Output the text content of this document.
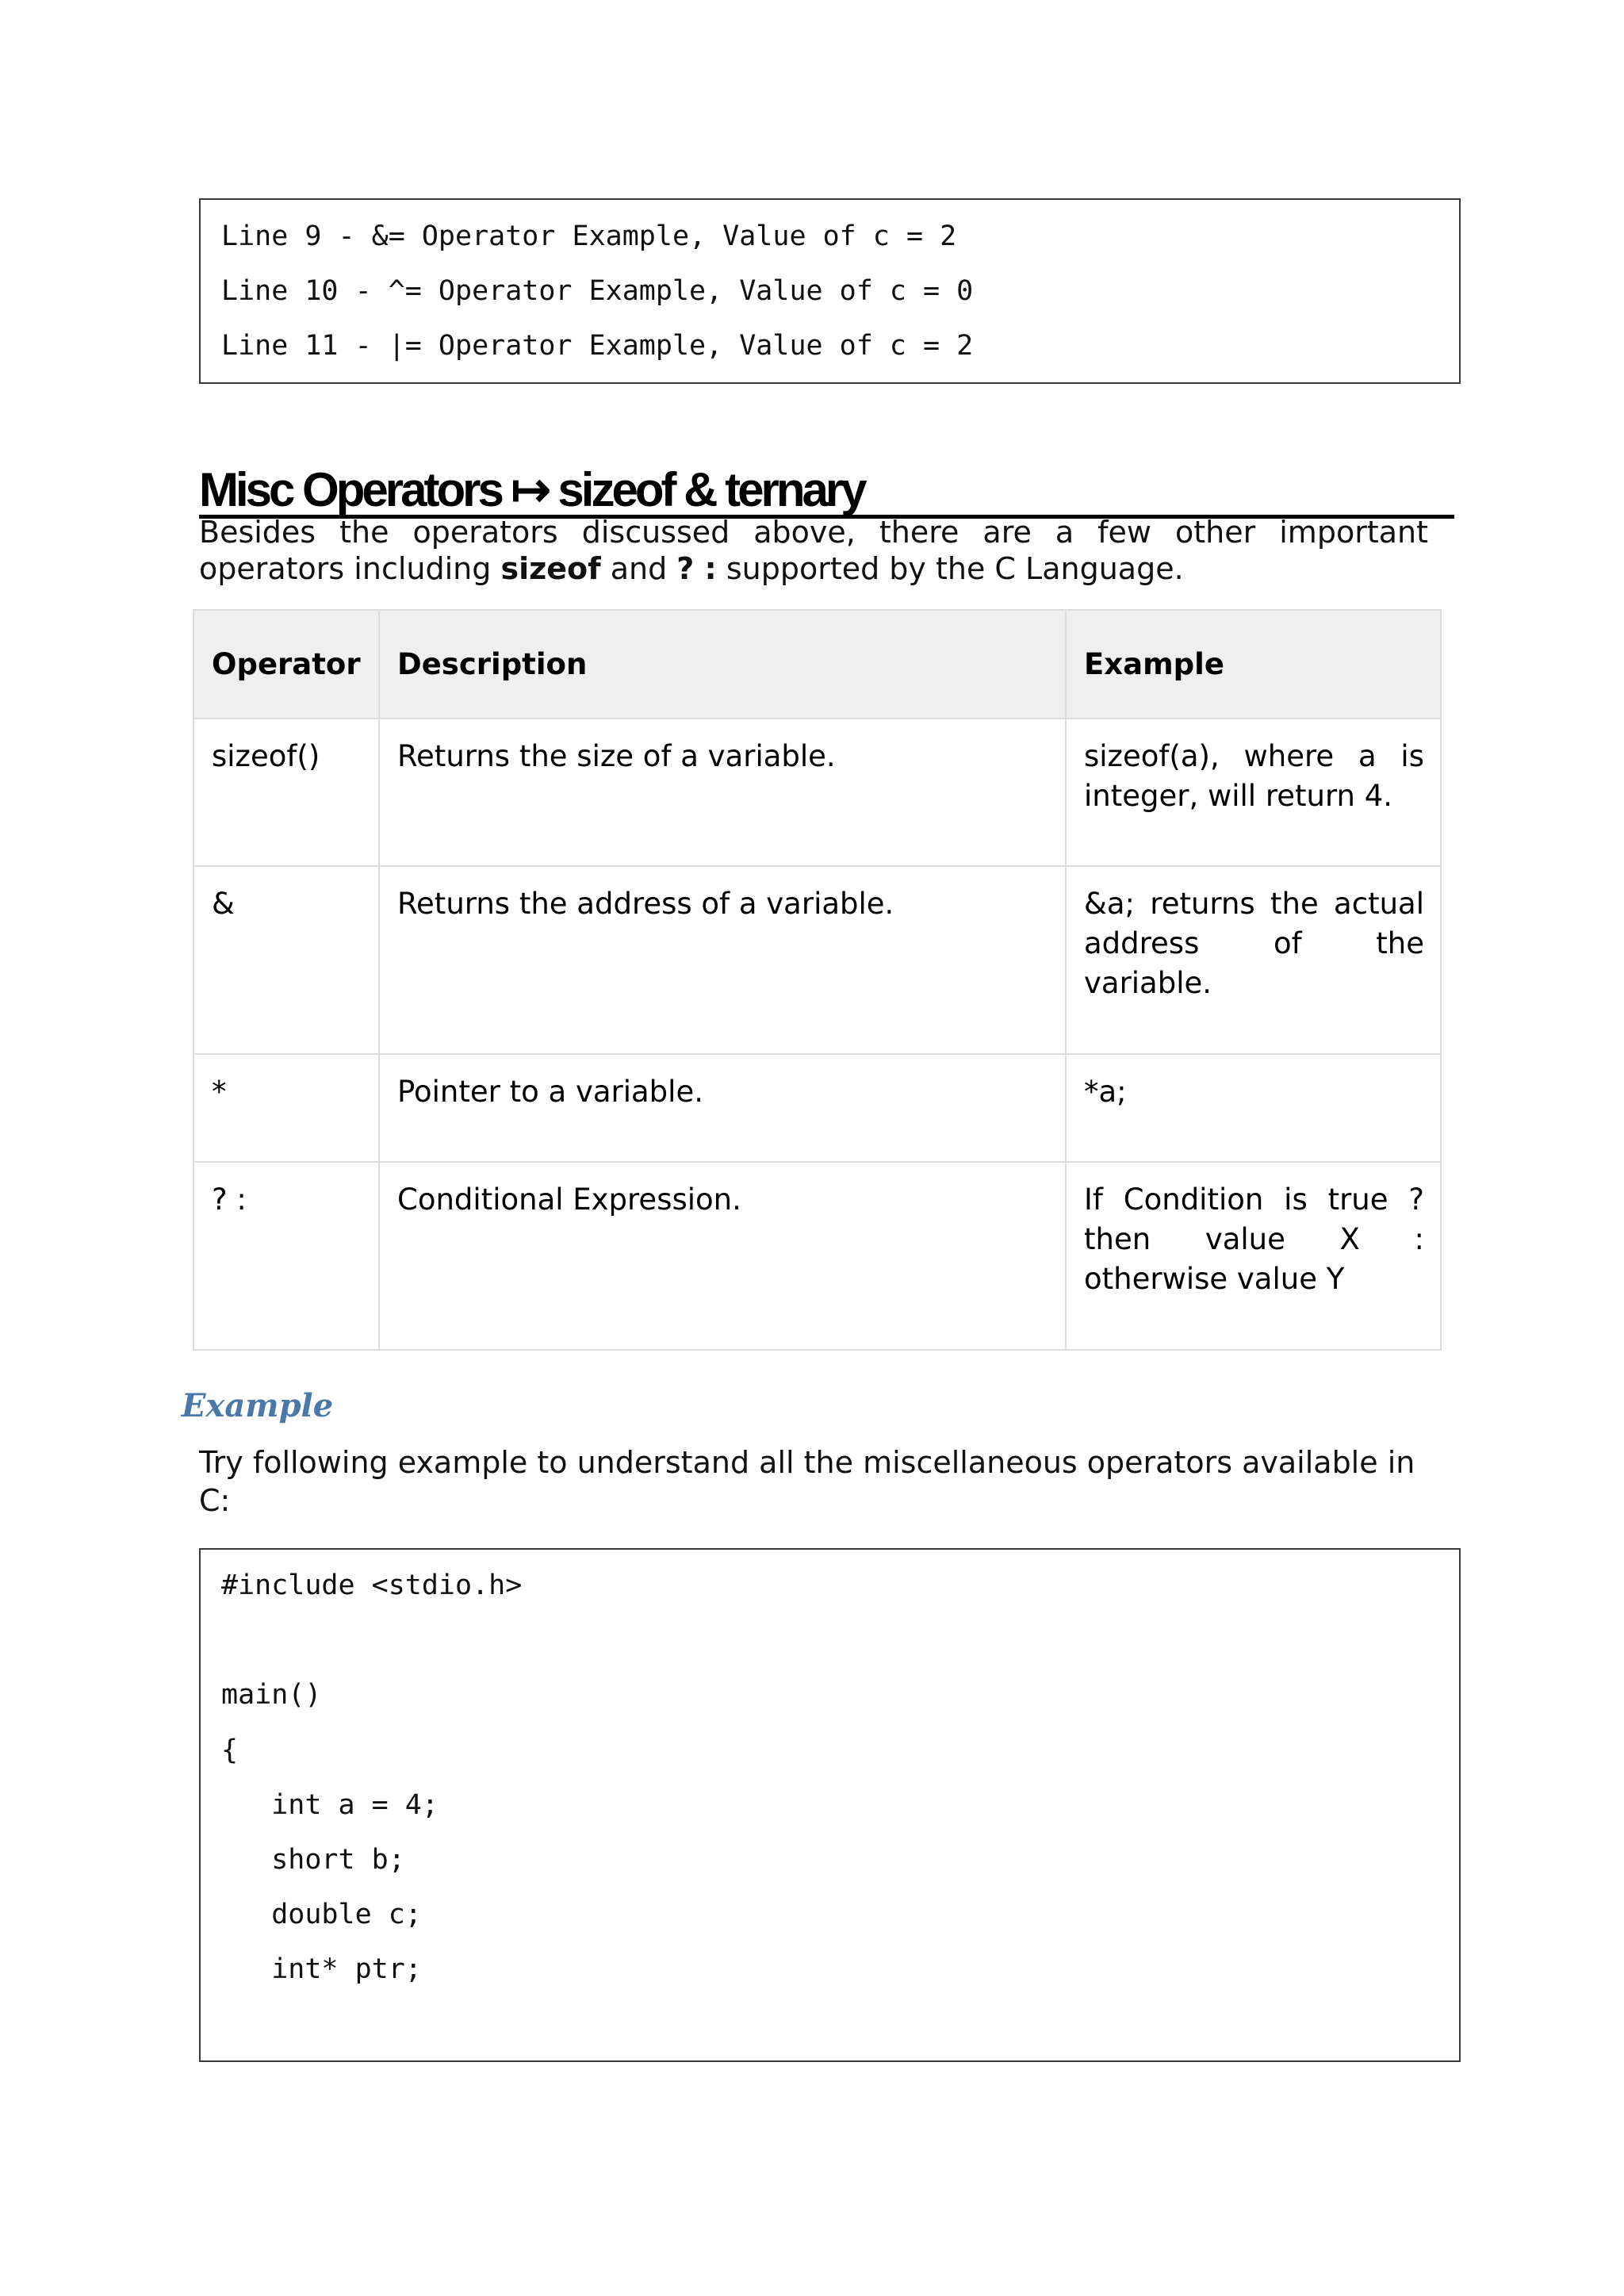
Line 9 - &= Operator Example, Value of c = 2
Line 10 - ^= Operator Example, Value of c = 0
Line 11 - |= Operator Example, Value of c = 2
Misc Operators ↦ sizeof & ternary
Besides the operators discussed above, there are a few other important operators including sizeof and ? : supported by the C Language.
Operator	Description	Example
sizeof()	Returns the size of a variable.	sizeof(a), where a is integer, will return 4.
&	Returns the address of a variable.	&a; returns the actual address of the variable.
*	Pointer to a variable.	*a;
? :	Conditional Expression.	If Condition is true ? then value X : otherwise value Y
Example
Try following example to understand all the miscellaneous operators available in C:
#include <stdio.h>
main()
{
int a = 4;
short b;
double c;
int* ptr;
